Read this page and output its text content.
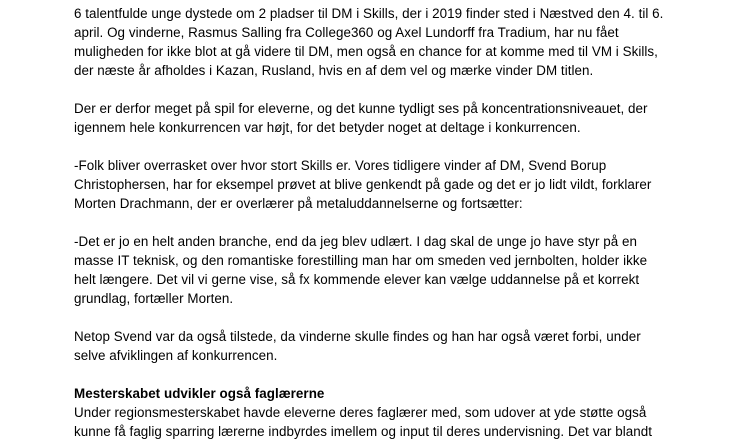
6 talentfulde unge dystede om 2 pladser til DM i Skills, der i 2019 finder sted i Næstved den 4. til 6.
april. Og vinderne, Rasmus Salling fra College360 og Axel Lundorff fra Tradium, har nu fået
muligheden for ikke blot at gå videre til DM, men også en chance for at komme med til VM i Skills,
der næste år afholdes i Kazan, Rusland, hvis en af dem vel og mærke vinder DM titlen.

Der er derfor meget på spil for eleverne, og det kunne tydligt ses på koncentrationsniveauet, der
igennem hele konkurrencen var højt, for det betyder noget at deltage i konkurrencen.

-Folk bliver overrasket over hvor stort Skills er. Vores tidligere vinder af DM, Svend Borup
Christophersen, har for eksempel prøvet at blive genkendt på gade og det er jo lidt vildt, forklarer
Morten Drachmann, der er overlærer på metaluddannelserne og fortsætter:

-Det er jo en helt anden branche, end da jeg blev udlært. I dag skal de unge jo have styr på en
masse IT teknisk, og den romantiske forestilling man har om smeden ved jernbolten, holder ikke
helt længere. Det vil vi gerne vise, så fx kommende elever kan vælge uddannelse på et korrekt
grundlag, fortæller Morten.

Netop Svend var da også tilstede, da vinderne skulle findes og han har også været forbi, under
selve afviklingen af konkurrencen.

Mesterskabet udvikler også faglærerne
Under regionsmesterskabet havde eleverne deres faglærer med, som udover at yde støtte også
kunne få faglig sparring lærerne indbyrdes imellem og input til deres undervisning. Det var blandt
